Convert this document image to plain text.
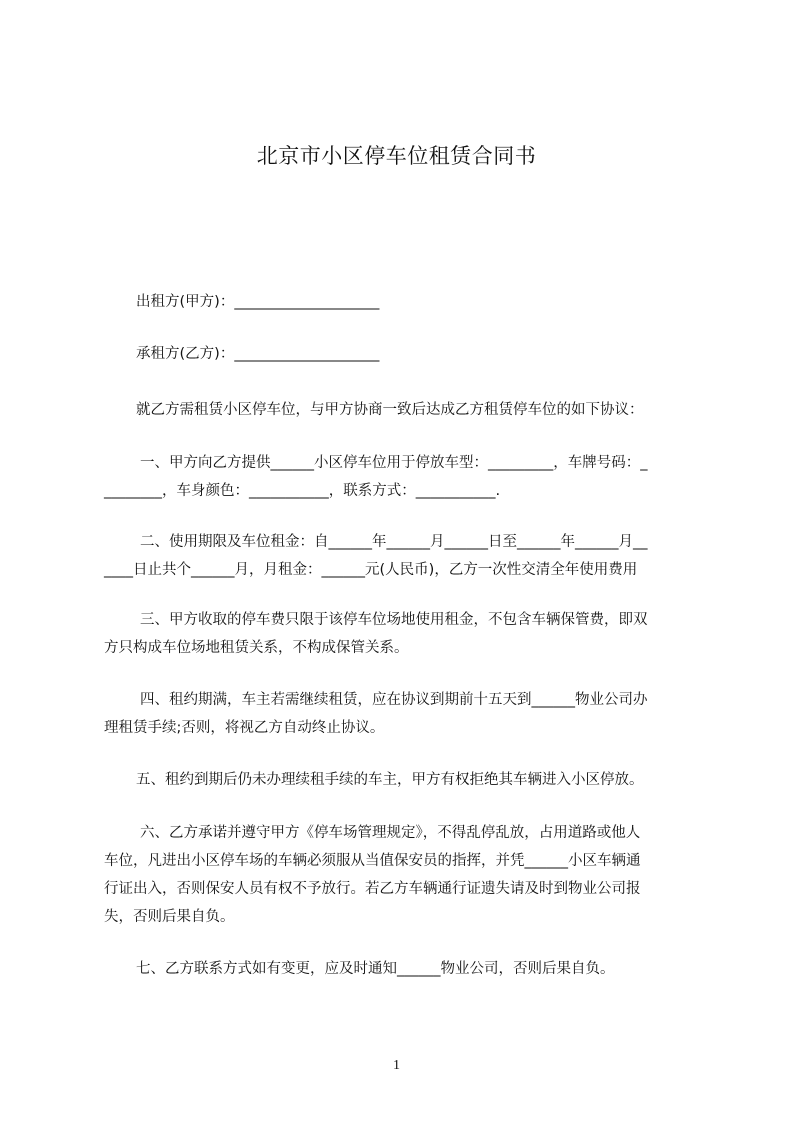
北京市小区停车位租赁合同书
出租方(甲方)：____________________
承租方(乙方)：____________________
就乙方需租赁小区停车位，与甲方协商一致后达成乙方租赁停车位的如下协议：
一、甲方向乙方提供______小区停车位用于停放车型：_________，车牌号码：_
________，车身颜色：___________，联系方式：___________.
二、使用期限及车位租金：自______年______月______日至______年______月__
____日止共个______月，月租金：______元(人民币)，乙方一次性交清全年使用费用
三、甲方收取的停车费只限于该停车位场地使用租金，不包含车辆保管费，即双
方只构成车位场地租赁关系，不构成保管关系。
四、租约期满，车主若需继续租赁，应在协议到期前十五天到______物业公司办
理租赁手续;否则，将视乙方自动终止协议。
五、租约到期后仍未办理续租手续的车主，甲方有权拒绝其车辆进入小区停放。
六、乙方承诺并遵守甲方《停车场管理规定》，不得乱停乱放，占用道路或他人
车位，凡进出小区停车场的车辆必须服从当值保安员的指挥，并凭______小区车辆通
行证出入，否则保安人员有权不予放行。若乙方车辆通行证遗失请及时到物业公司报
失，否则后果自负。
七、乙方联系方式如有变更，应及时通知______物业公司，否则后果自负。
1
